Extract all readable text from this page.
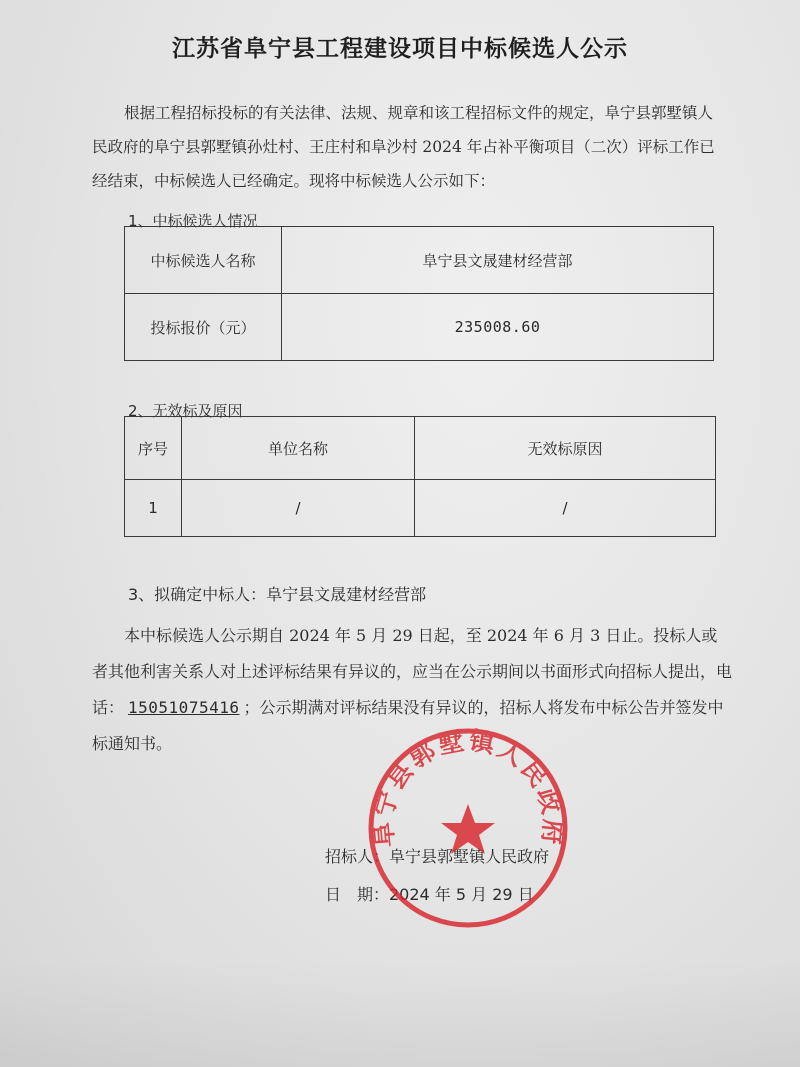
江苏省阜宁县工程建设项目中标候选人公示
根据工程招标投标的有关法律、法规、规章和该工程招标文件的规定，阜宁县郭墅镇人民政府的阜宁县郭墅镇孙灶村、王庄村和阜沙村 2024 年占补平衡项目（二次）评标工作已经结束，中标候选人已经确定。现将中标候选人公示如下：
1、中标候选人情况
中标候选人名称	阜宁县文晟建材经营部
投标报价（元）	235008.60
2、无效标及原因
序号	单位名称	无效标原因
1	/	/
3、拟确定中标人：阜宁县文晟建材经营部
本中标候选人公示期自 2024 年 5 月 29 日起，至 2024 年 6 月 3 日止。投标人或者其他利害关系人对上述评标结果有异议的，应当在公示期间以书面形式向招标人提出，电话： 15051075416 ；公示期满对评标结果没有异议的，招标人将发布中标公告并签发中标通知书。
招标人：阜宁县郭墅镇人民政府
日　期：2024 年 5 月 29 日
阜宁县郭墅镇人民政府
